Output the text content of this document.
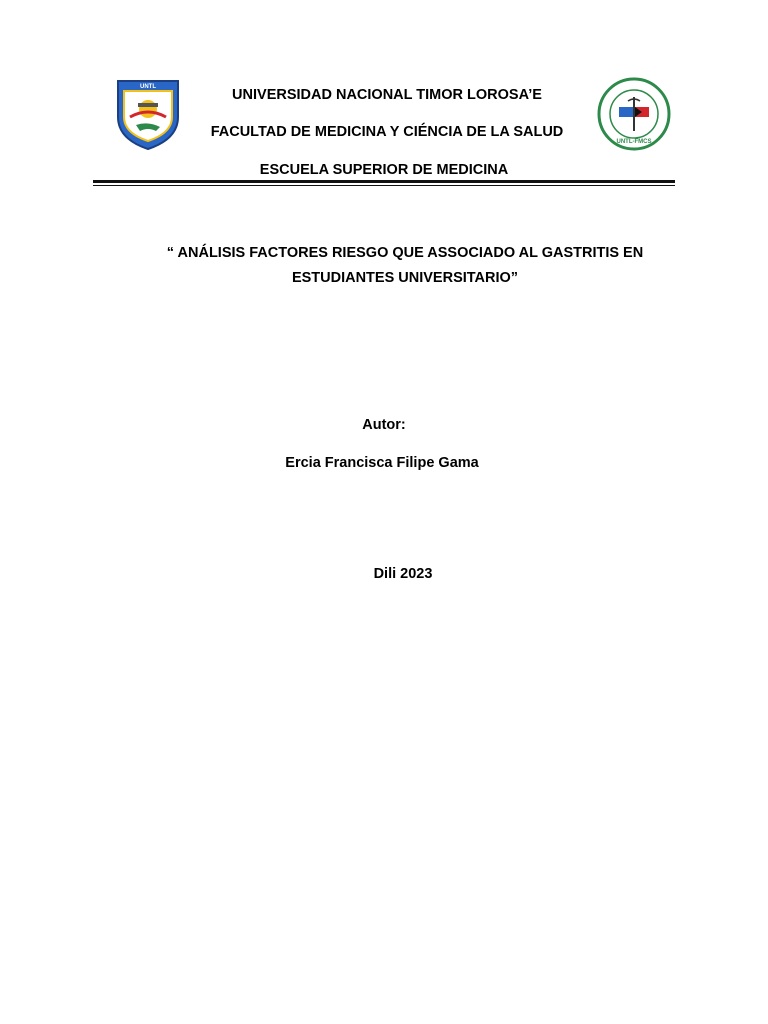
UNTL
UNTL-FMCS
UNIVERSIDAD NACIONAL TIMOR LOROSA’E
FACULTAD DE MEDICINA Y CIÉNCIA DE LA SALUD
ESCUELA SUPERIOR DE MEDICINA
“ ANÁLISIS FACTORES RIESGO QUE ASSOCIADO AL GASTRITIS EN
ESTUDIANTES UNIVERSITARIO”
Autor:
Ercia Francisca Filipe Gama
Dili 2023
